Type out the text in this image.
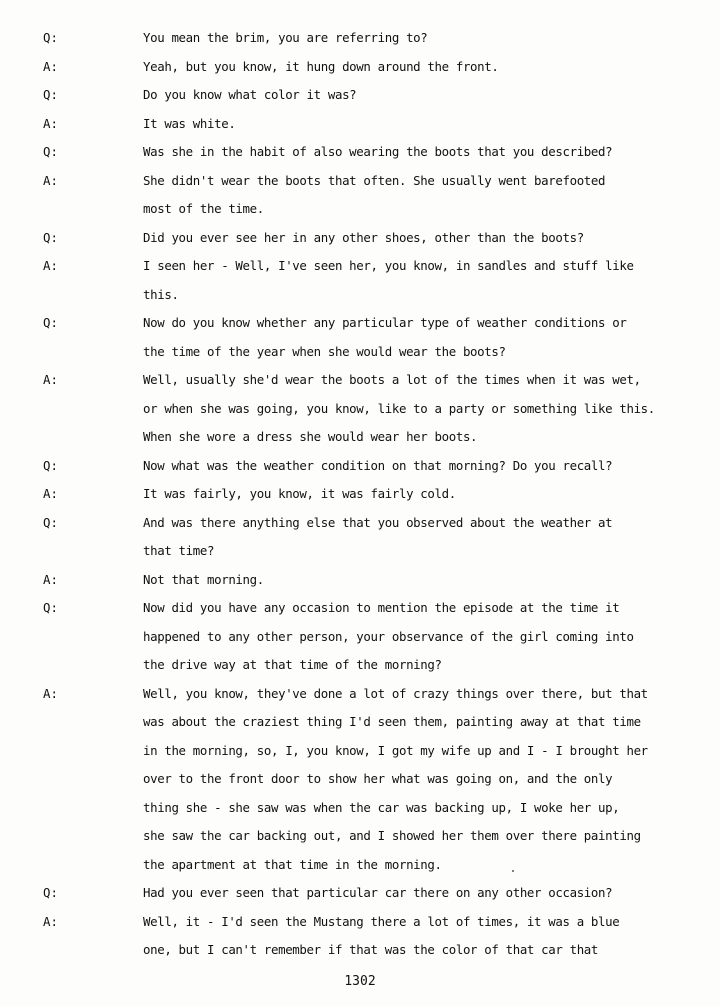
Q:	You mean the brim, you are referring to?
A:	Yeah, but you know, it hung down around the front.
Q:	Do you know what color it was?
A:	It was white.
Q:	Was she in the habit of also wearing the boots that you described?
A:	She didn't wear the boots that often. She usually went barefooted
most of the time.
Q:	Did you ever see her in any other shoes, other than the boots?
A:	I seen her - Well, I've seen her, you know, in sandles and stuff like
this.
Q:	Now do you know whether any particular type of weather conditions or
the time of the year when she would wear the boots?
A:	Well, usually she'd wear the boots a lot of the times when it was wet,
or when she was going, you know, like to a party or something like this.
When she wore a dress she would wear her boots.
Q:	Now what was the weather condition on that morning? Do you recall?
A:	It was fairly, you know, it was fairly cold.
Q:	And was there anything else that you observed about the weather at
that time?
A:	Not that morning.
Q:	Now did you have any occasion to mention the episode at the time it
happened to any other person, your observance of the girl coming into
the drive way at that time of the morning?
A:	Well, you know, they've done a lot of crazy things over there, but that
was about the craziest thing I'd seen them, painting away at that time
in the morning, so, I, you know, I got my wife up and I - I brought her
over to the front door to show her what was going on, and the only
thing she - she saw was when the car was backing up, I woke her up,
she saw the car backing out, and I showed her them over there painting
the apartment at that time in the morning.
Q:	Had you ever seen that particular car there on any other occasion?
A:	Well, it - I'd seen the Mustang there a lot of times, it was a blue
one, but I can't remember if that was the color of that car that
1302
